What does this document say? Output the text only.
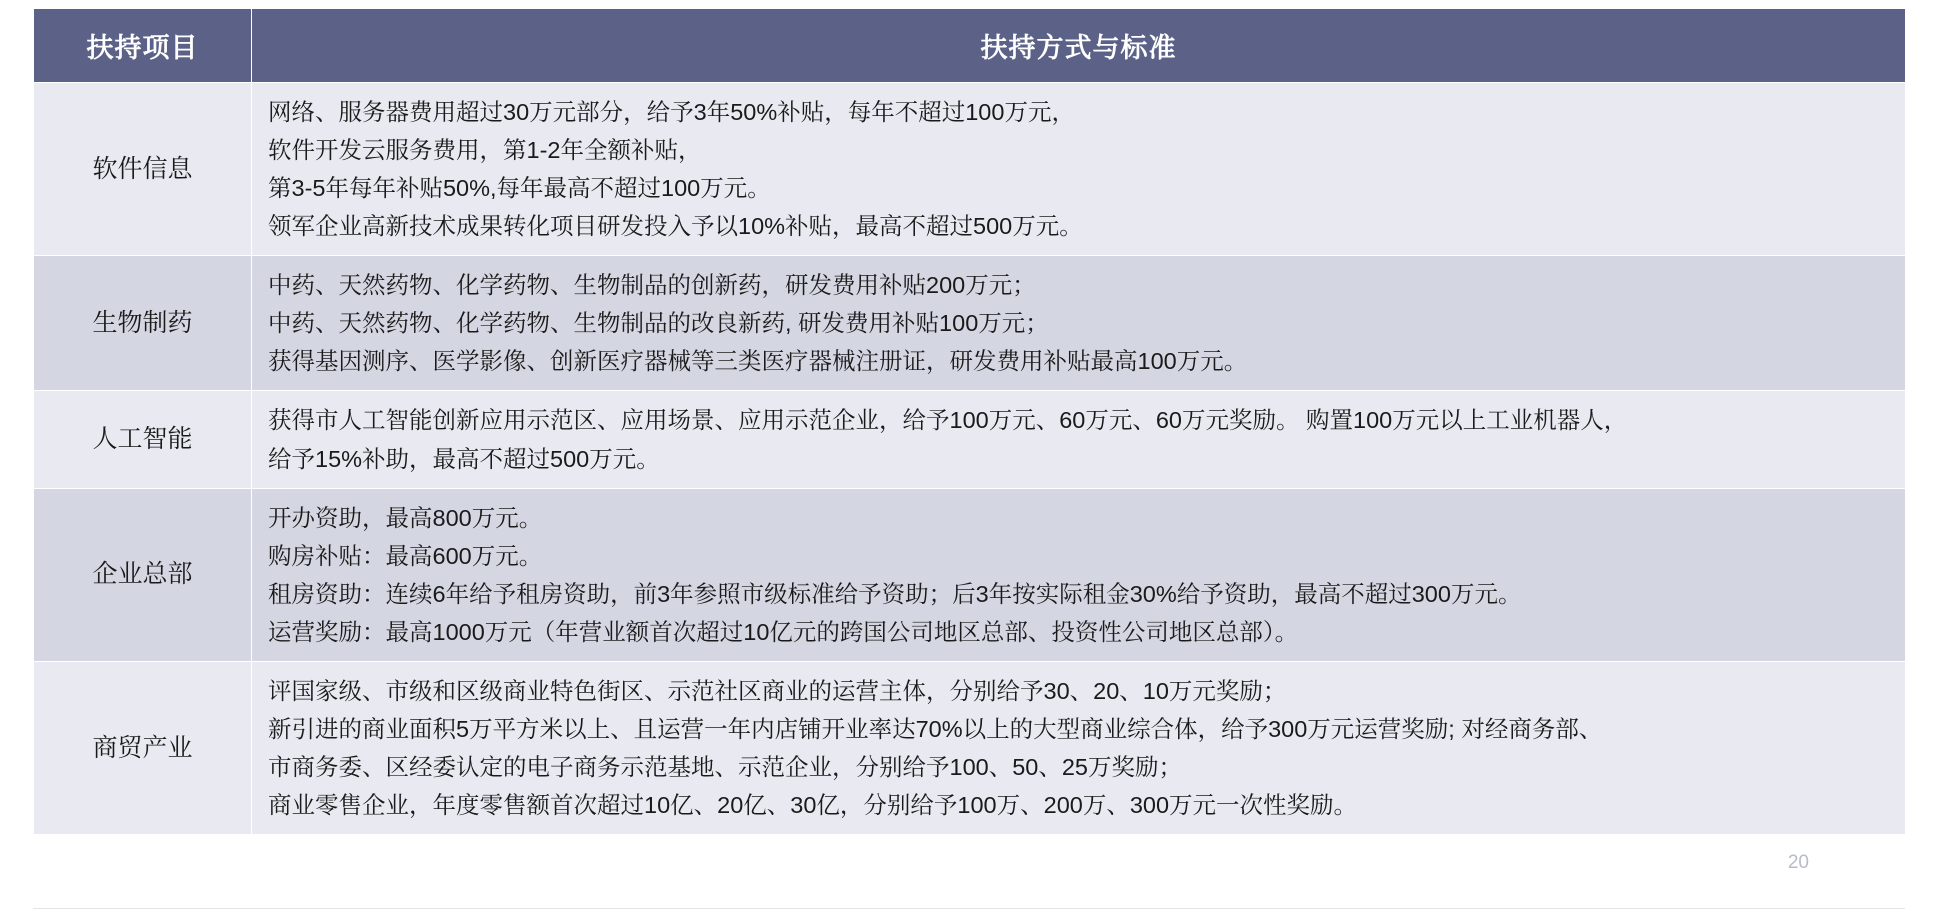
扶持项目	扶持方式与标准
软件信息	网络、服务器费用超过30万元部分，给予3年50%补贴，每年不超过100万元，
软件开发云服务费用，第1-2年全额补贴，
第3-5年每年补贴50%,每年最高不超过100万元。
领军企业高新技术成果转化项目研发投入予以10%补贴，最高不超过500万元。

生物制药	中药、天然药物、化学药物、生物制品的创新药，研发费用补贴200万元；
中药、天然药物、化学药物、生物制品的改良新药, 研发费用补贴100万元；
获得基因测序、医学影像、创新医疗器械等三类医疗器械注册证，研发费用补贴最高100万元。

人工智能	获得市人工智能创新应用示范区、应用场景、应用示范企业，给予100万元、60万元、60万元奖励。 购置100万元以上工业机器人，
给予15%补助，最高不超过500万元。

企业总部	开办资助，最高800万元。
购房补贴：最高600万元。
租房资助：连续6年给予租房资助，前3年参照市级标准给予资助；后3年按实际租金30%给予资助，最高不超过300万元。
运营奖励：最高1000万元（年营业额首次超过10亿元的跨国公司地区总部、投资性公司地区总部）。

商贸产业	评国家级、市级和区级商业特色街区、示范社区商业的运营主体，分别给予30、20、10万元奖励；
新引进的商业面积5万平方米以上、且运营一年内店铺开业率达70%以上的大型商业综合体，给予300万元运营奖励; 对经商务部、
市商务委、区经委认定的电子商务示范基地、示范企业，分别给予100、50、25万奖励；
商业零售企业，年度零售额首次超过10亿、20亿、30亿，分别给予100万、200万、300万元一次性奖励。
20
